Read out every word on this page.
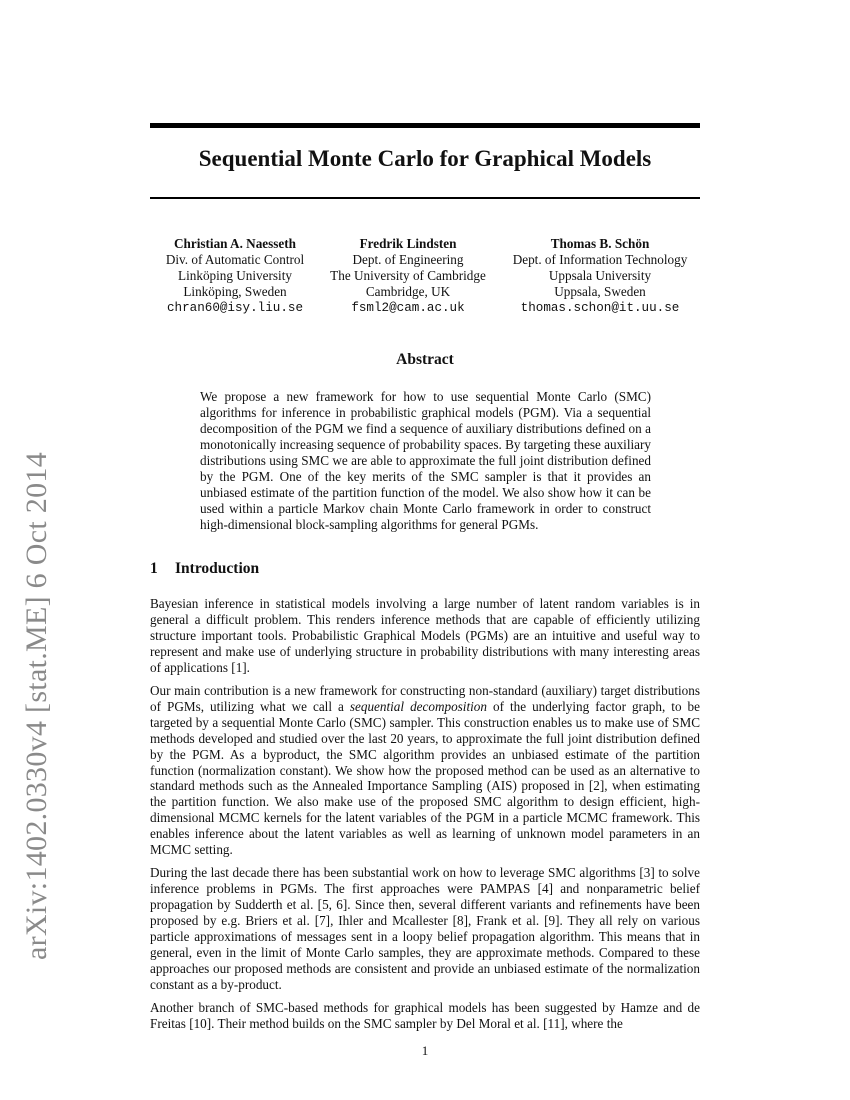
arXiv:1402.0330v4 [stat.ME] 6 Oct 2014
Sequential Monte Carlo for Graphical Models
Christian A. Naesseth
Div. of Automatic Control
Linköping University
Linköping, Sweden
chran60@isy.liu.se
Fredrik Lindsten
Dept. of Engineering
The University of Cambridge
Cambridge, UK
fsml2@cam.ac.uk
Thomas B. Schön
Dept. of Information Technology
Uppsala University
Uppsala, Sweden
thomas.schon@it.uu.se
Abstract

We propose a new framework for how to use sequential Monte Carlo (SMC) algorithms for inference in probabilistic graphical models (PGM). Via a sequential decomposition of the PGM we find a sequence of auxiliary distributions defined on a monotonically increasing sequence of probability spaces. By targeting these auxiliary distributions using SMC we are able to approximate the full joint distribution defined by the PGM. One of the key merits of the SMC sampler is that it provides an unbiased estimate of the partition function of the model. We also show how it can be used within a particle Markov chain Monte Carlo framework in order to construct high-dimensional block-sampling algorithms for general PGMs.

1 Introduction

Bayesian inference in statistical models involving a large number of latent random variables is in general a difficult problem. This renders inference methods that are capable of efficiently utilizing structure important tools. Probabilistic Graphical Models (PGMs) are an intuitive and useful way to represent and make use of underlying structure in probability distributions with many interesting areas of applications [1].

Our main contribution is a new framework for constructing non-standard (auxiliary) target distributions of PGMs, utilizing what we call a sequential decomposition of the underlying factor graph, to be targeted by a sequential Monte Carlo (SMC) sampler. This construction enables us to make use of SMC methods developed and studied over the last 20 years, to approximate the full joint distribution defined by the PGM. As a byproduct, the SMC algorithm provides an unbiased estimate of the partition function (normalization constant). We show how the proposed method can be used as an alternative to standard methods such as the Annealed Importance Sampling (AIS) proposed in [2], when estimating the partition function. We also make use of the proposed SMC algorithm to design efficient, high-dimensional MCMC kernels for the latent variables of the PGM in a particle MCMC framework. This enables inference about the latent variables as well as learning of unknown model parameters in an MCMC setting.

During the last decade there has been substantial work on how to leverage SMC algorithms [3] to solve inference problems in PGMs. The first approaches were PAMPAS [4] and nonparametric belief propagation by Sudderth et al. [5, 6]. Since then, several different variants and refinements have been proposed by e.g. Briers et al. [7], Ihler and Mcallester [8], Frank et al. [9]. They all rely on various particle approximations of messages sent in a loopy belief propagation algorithm. This means that in general, even in the limit of Monte Carlo samples, they are approximate methods. Compared to these approaches our proposed methods are consistent and provide an unbiased estimate of the normalization constant as a by-product.

Another branch of SMC-based methods for graphical models has been suggested by Hamze and de Freitas [10]. Their method builds on the SMC sampler by Del Moral et al. [11], where the

1
